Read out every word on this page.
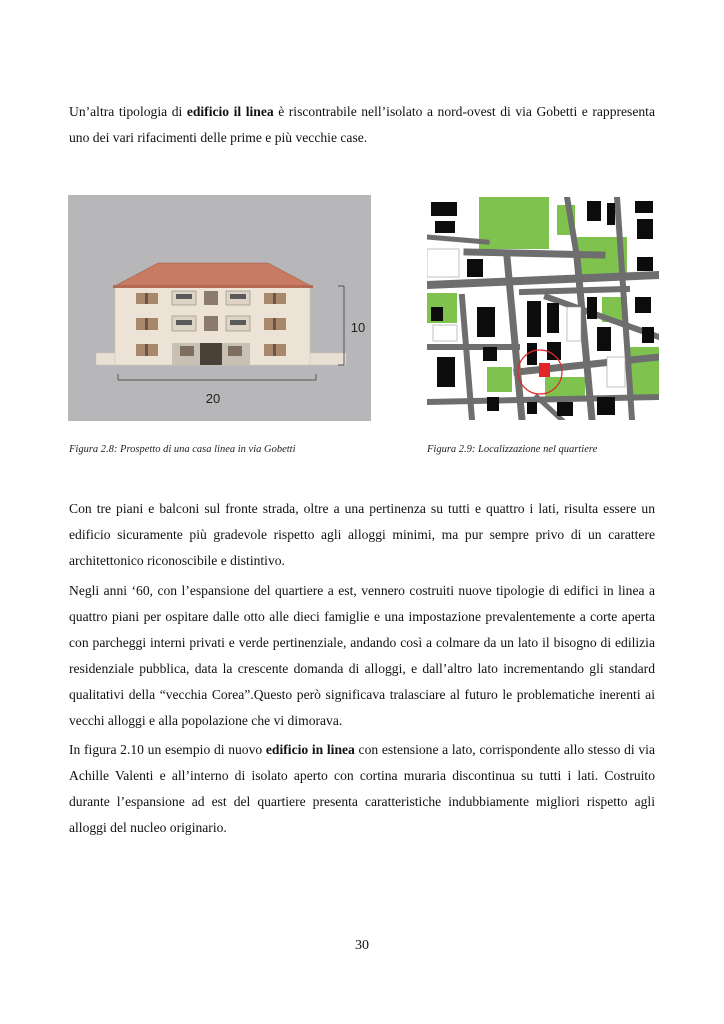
Un’altra tipologia di edificio il linea è riscontrabile nell’isolato a nord-ovest di via Gobetti e rappresenta uno dei vari rifacimenti delle prime e più vecchie case.

10
20
Figura 2.8: Prospetto di una casa linea in via Gobetti	Figura 2.9: Localizzazione nel quartiere

Con tre piani e balconi sul fronte strada, oltre a una pertinenza su tutti e quattro i lati, risulta essere un edificio sicuramente più gradevole rispetto agli alloggi minimi, ma pur sempre privo di un carattere architettonico riconoscibile e distintivo.

Negli anni ‘60, con l’espansione del quartiere a est, vennero costruiti nuove tipologie di edifici in linea a quattro piani per ospitare dalle otto alle dieci famiglie e una impostazione prevalentemente a corte aperta con parcheggi interni privati e verde pertinenziale, andando così a colmare da un lato il bisogno di edilizia residenziale pubblica, data la crescente domanda di alloggi, e dall’altro lato incrementando gli standard qualitativi della “vecchia Corea”.Questo però significava tralasciare al futuro le problematiche inerenti ai vecchi alloggi e alla popolazione che vi dimorava.

In figura 2.10 un esempio di nuovo edificio in linea con estensione a lato, corrispondente allo stesso di via Achille Valenti e all’interno di isolato aperto con cortina muraria discontinua su tutti i lati. Costruito durante l’espansione ad est del quartiere presenta caratteristiche indubbiamente migliori rispetto agli alloggi del nucleo originario.

30
